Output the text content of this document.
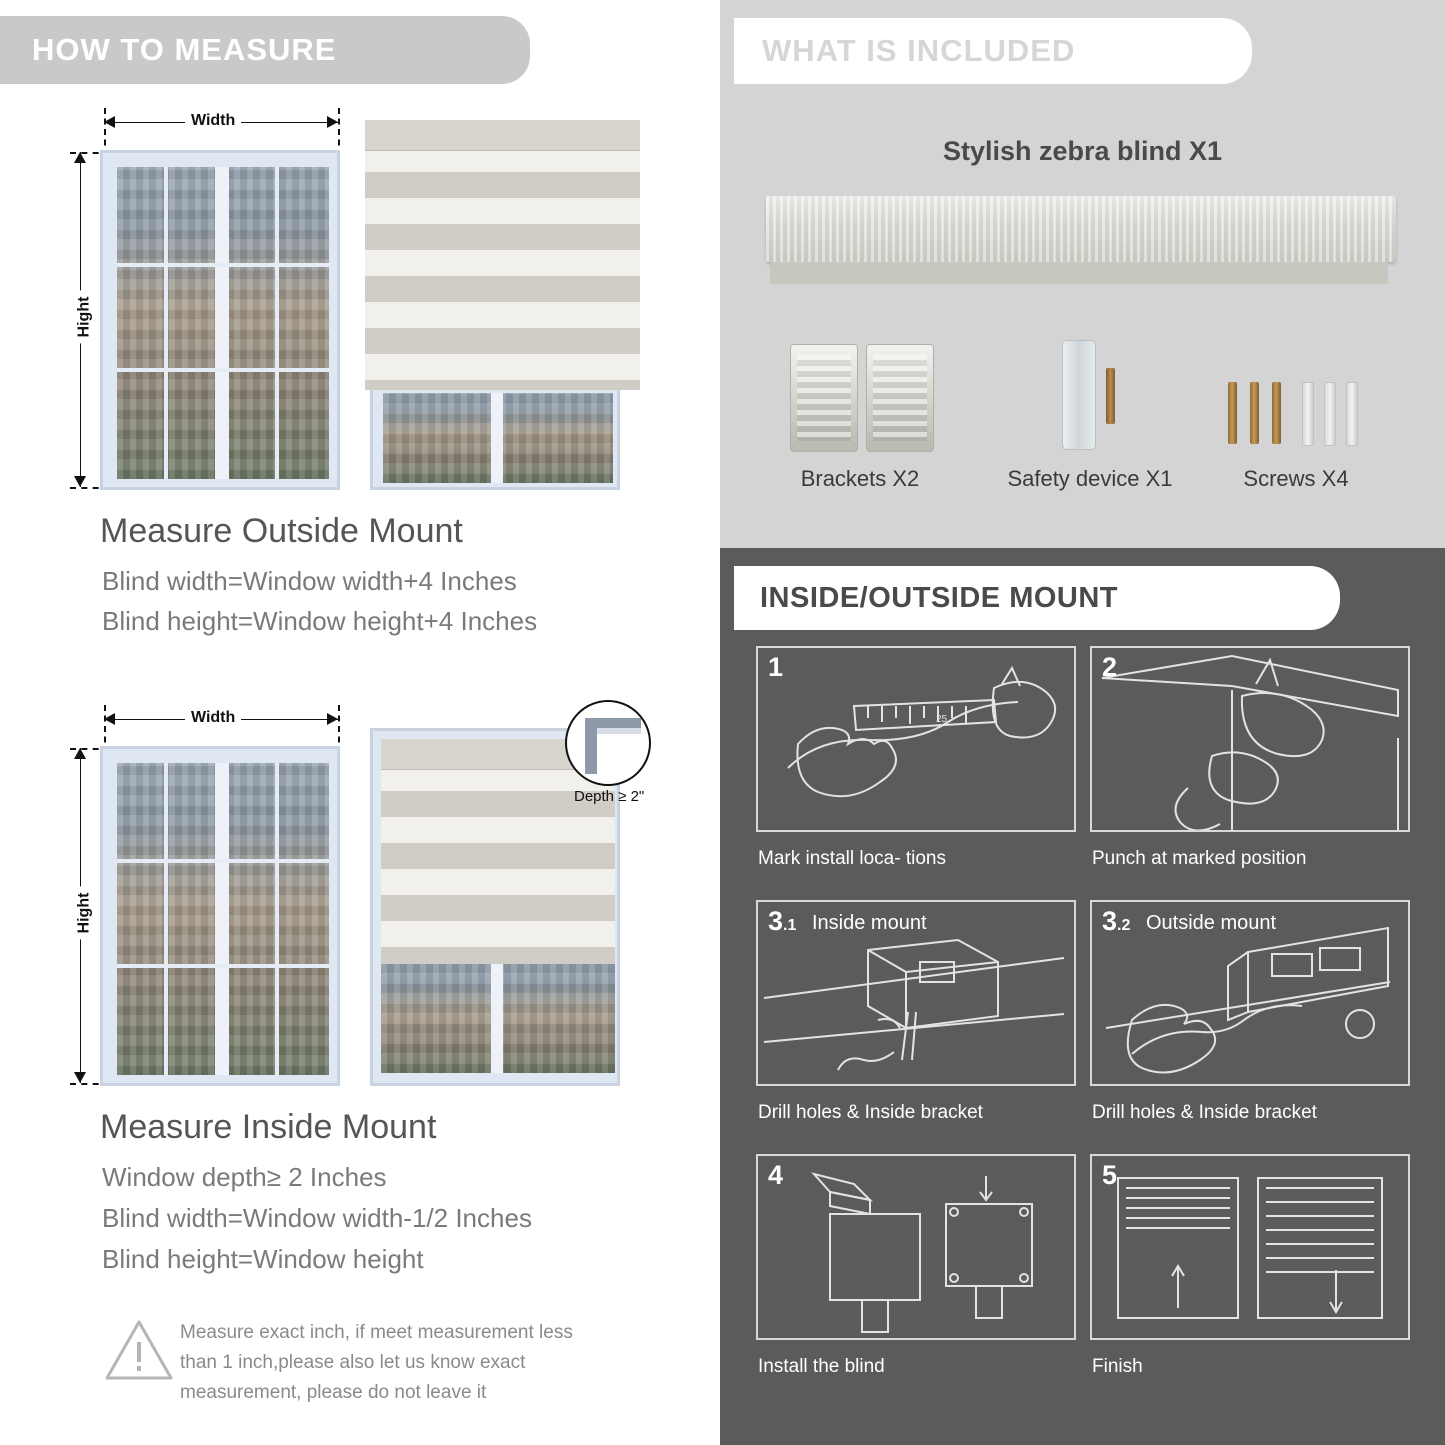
HOW TO MEASURE
Width
Hight
Measure Outside Mount
Blind width=Window width+4 Inches
Blind height=Window height+4 Inches
Width
Hight
Depth ≥ 2"
Measure Inside Mount
Window depth≥ 2 Inches
Blind width=Window width-1/2 Inches
Blind height=Window height
Measure exact inch, if meet measurement less
than 1 inch,please also let us know exact
measurement, please do not leave it
WHAT IS INCLUDED
Stylish zebra blind X1
Brackets X2	Safety device X1	Screws X4
INSIDE/OUTSIDE MOUNT
25
1
Mark install loca- tions
2
Punch at marked position
3.1 Inside mount
Drill holes & Inside bracket
3.2 Outside mount
Drill holes & Inside bracket
4
Install the blind
5
Finish
